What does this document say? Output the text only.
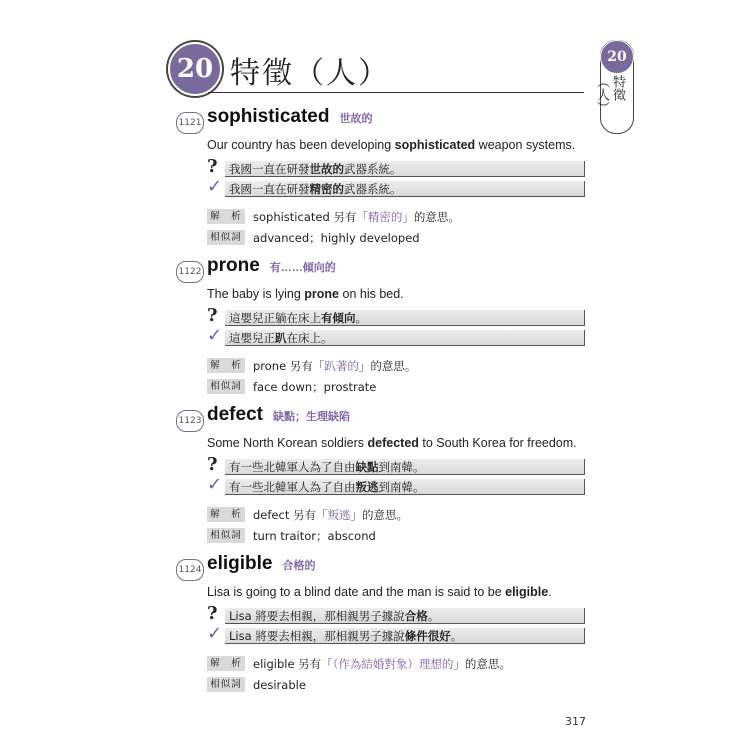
20 特徵（人）	20
特徵（人）
1121 sophisticated 世故的
Our country has been developing sophisticated weapon systems.
? 我國一直在研發世故的武器系統。
✓ 我國一直在研發精密的武器系統。
解　析 sophisticated 另有「精密的」的意思。
相似詞 advanced；highly developed
1122 prone 有……傾向的
The baby is lying prone on his bed.
? 這嬰兒正躺在床上有傾向。
✓ 這嬰兒正趴在床上。
解　析 prone 另有「趴著的」的意思。
相似詞 face down；prostrate
1123 defect 缺點；生理缺陷
Some North Korean soldiers defected to South Korea for freedom.
? 有一些北韓軍人為了自由缺點到南韓。
✓ 有一些北韓軍人為了自由叛逃到南韓。
解　析 defect 另有「叛逃」的意思。
相似詞 turn traitor；abscond
1124 eligible 合格的
Lisa is going to a blind date and the man is said to be eligible.
? Lisa 將要去相親，那相親男子據說合格。
✓ Lisa 將要去相親，那相親男子據說條件很好。
解　析 eligible 另有「（作為結婚對象）理想的」的意思。
相似詞 desirable
317
